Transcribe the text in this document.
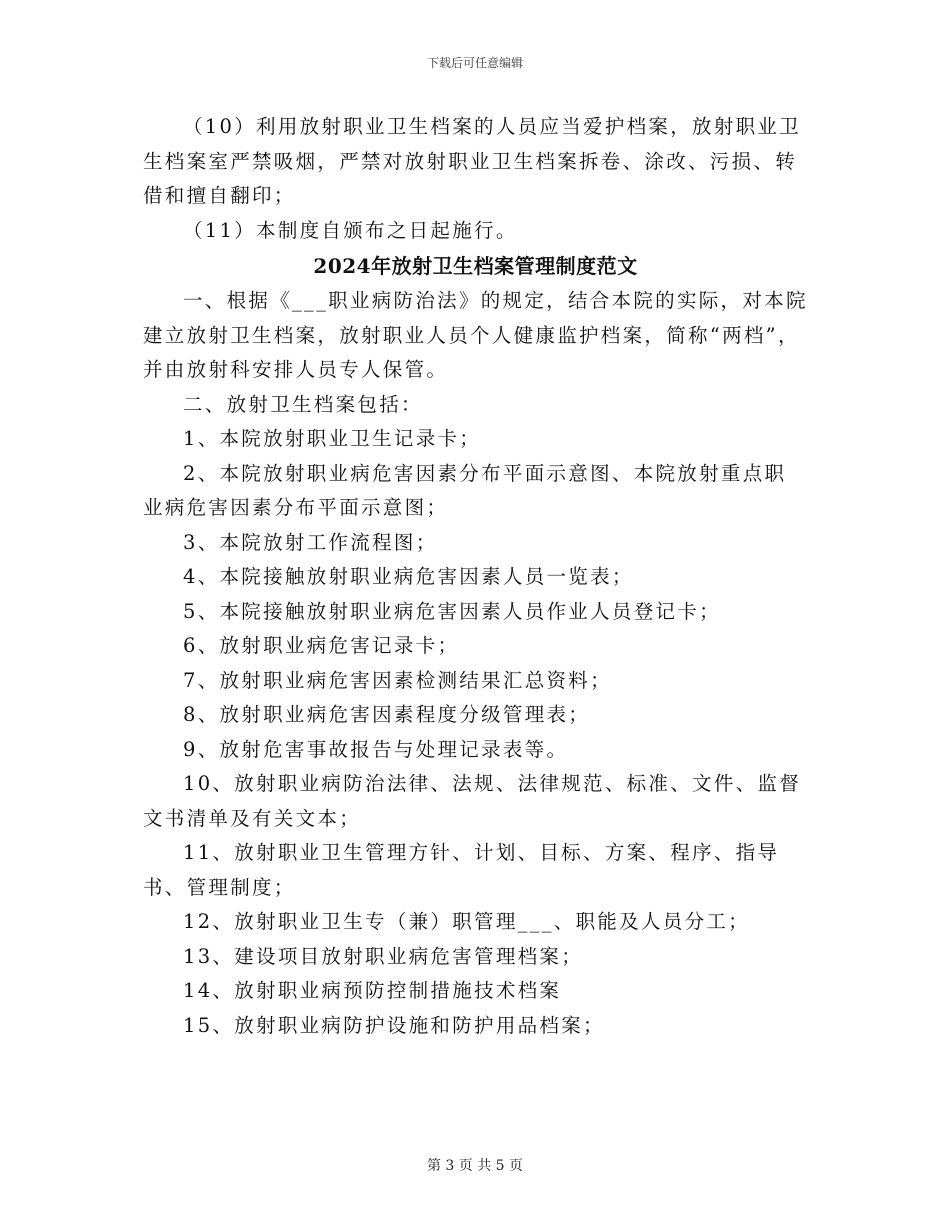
下载后可任意编辑

（10）利用放射职业卫生档案的人员应当爱护档案，放射职业卫生档案室严禁吸烟，严禁对放射职业卫生档案拆卷、涂改、污损、转借和擅自翻印；

（11）本制度自颁布之日起施行。

2024年放射卫生档案管理制度范文

一、根据《___职业病防治法》的规定，结合本院的实际，对本院建立放射卫生档案，放射职业人员个人健康监护档案，简称“两档”，并由放射科安排人员专人保管。

二、放射卫生档案包括：

1、本院放射职业卫生记录卡；

2、本院放射职业病危害因素分布平面示意图、本院放射重点职业病危害因素分布平面示意图；

3、本院放射工作流程图；

4、本院接触放射职业病危害因素人员一览表；

5、本院接触放射职业病危害因素人员作业人员登记卡；

6、放射职业病危害记录卡；

7、放射职业病危害因素检测结果汇总资料；

8、放射职业病危害因素程度分级管理表；

9、放射危害事故报告与处理记录表等。

10、放射职业病防治法律、法规、法律规范、标准、文件、监督文书清单及有关文本；

11、放射职业卫生管理方针、计划、目标、方案、程序、指导书、管理制度；

12、放射职业卫生专（兼）职管理___、职能及人员分工；

13、建设项目放射职业病危害管理档案；

14、放射职业病预防控制措施技术档案

15、放射职业病防护设施和防护用品档案；

第 3 页 共 5 页
